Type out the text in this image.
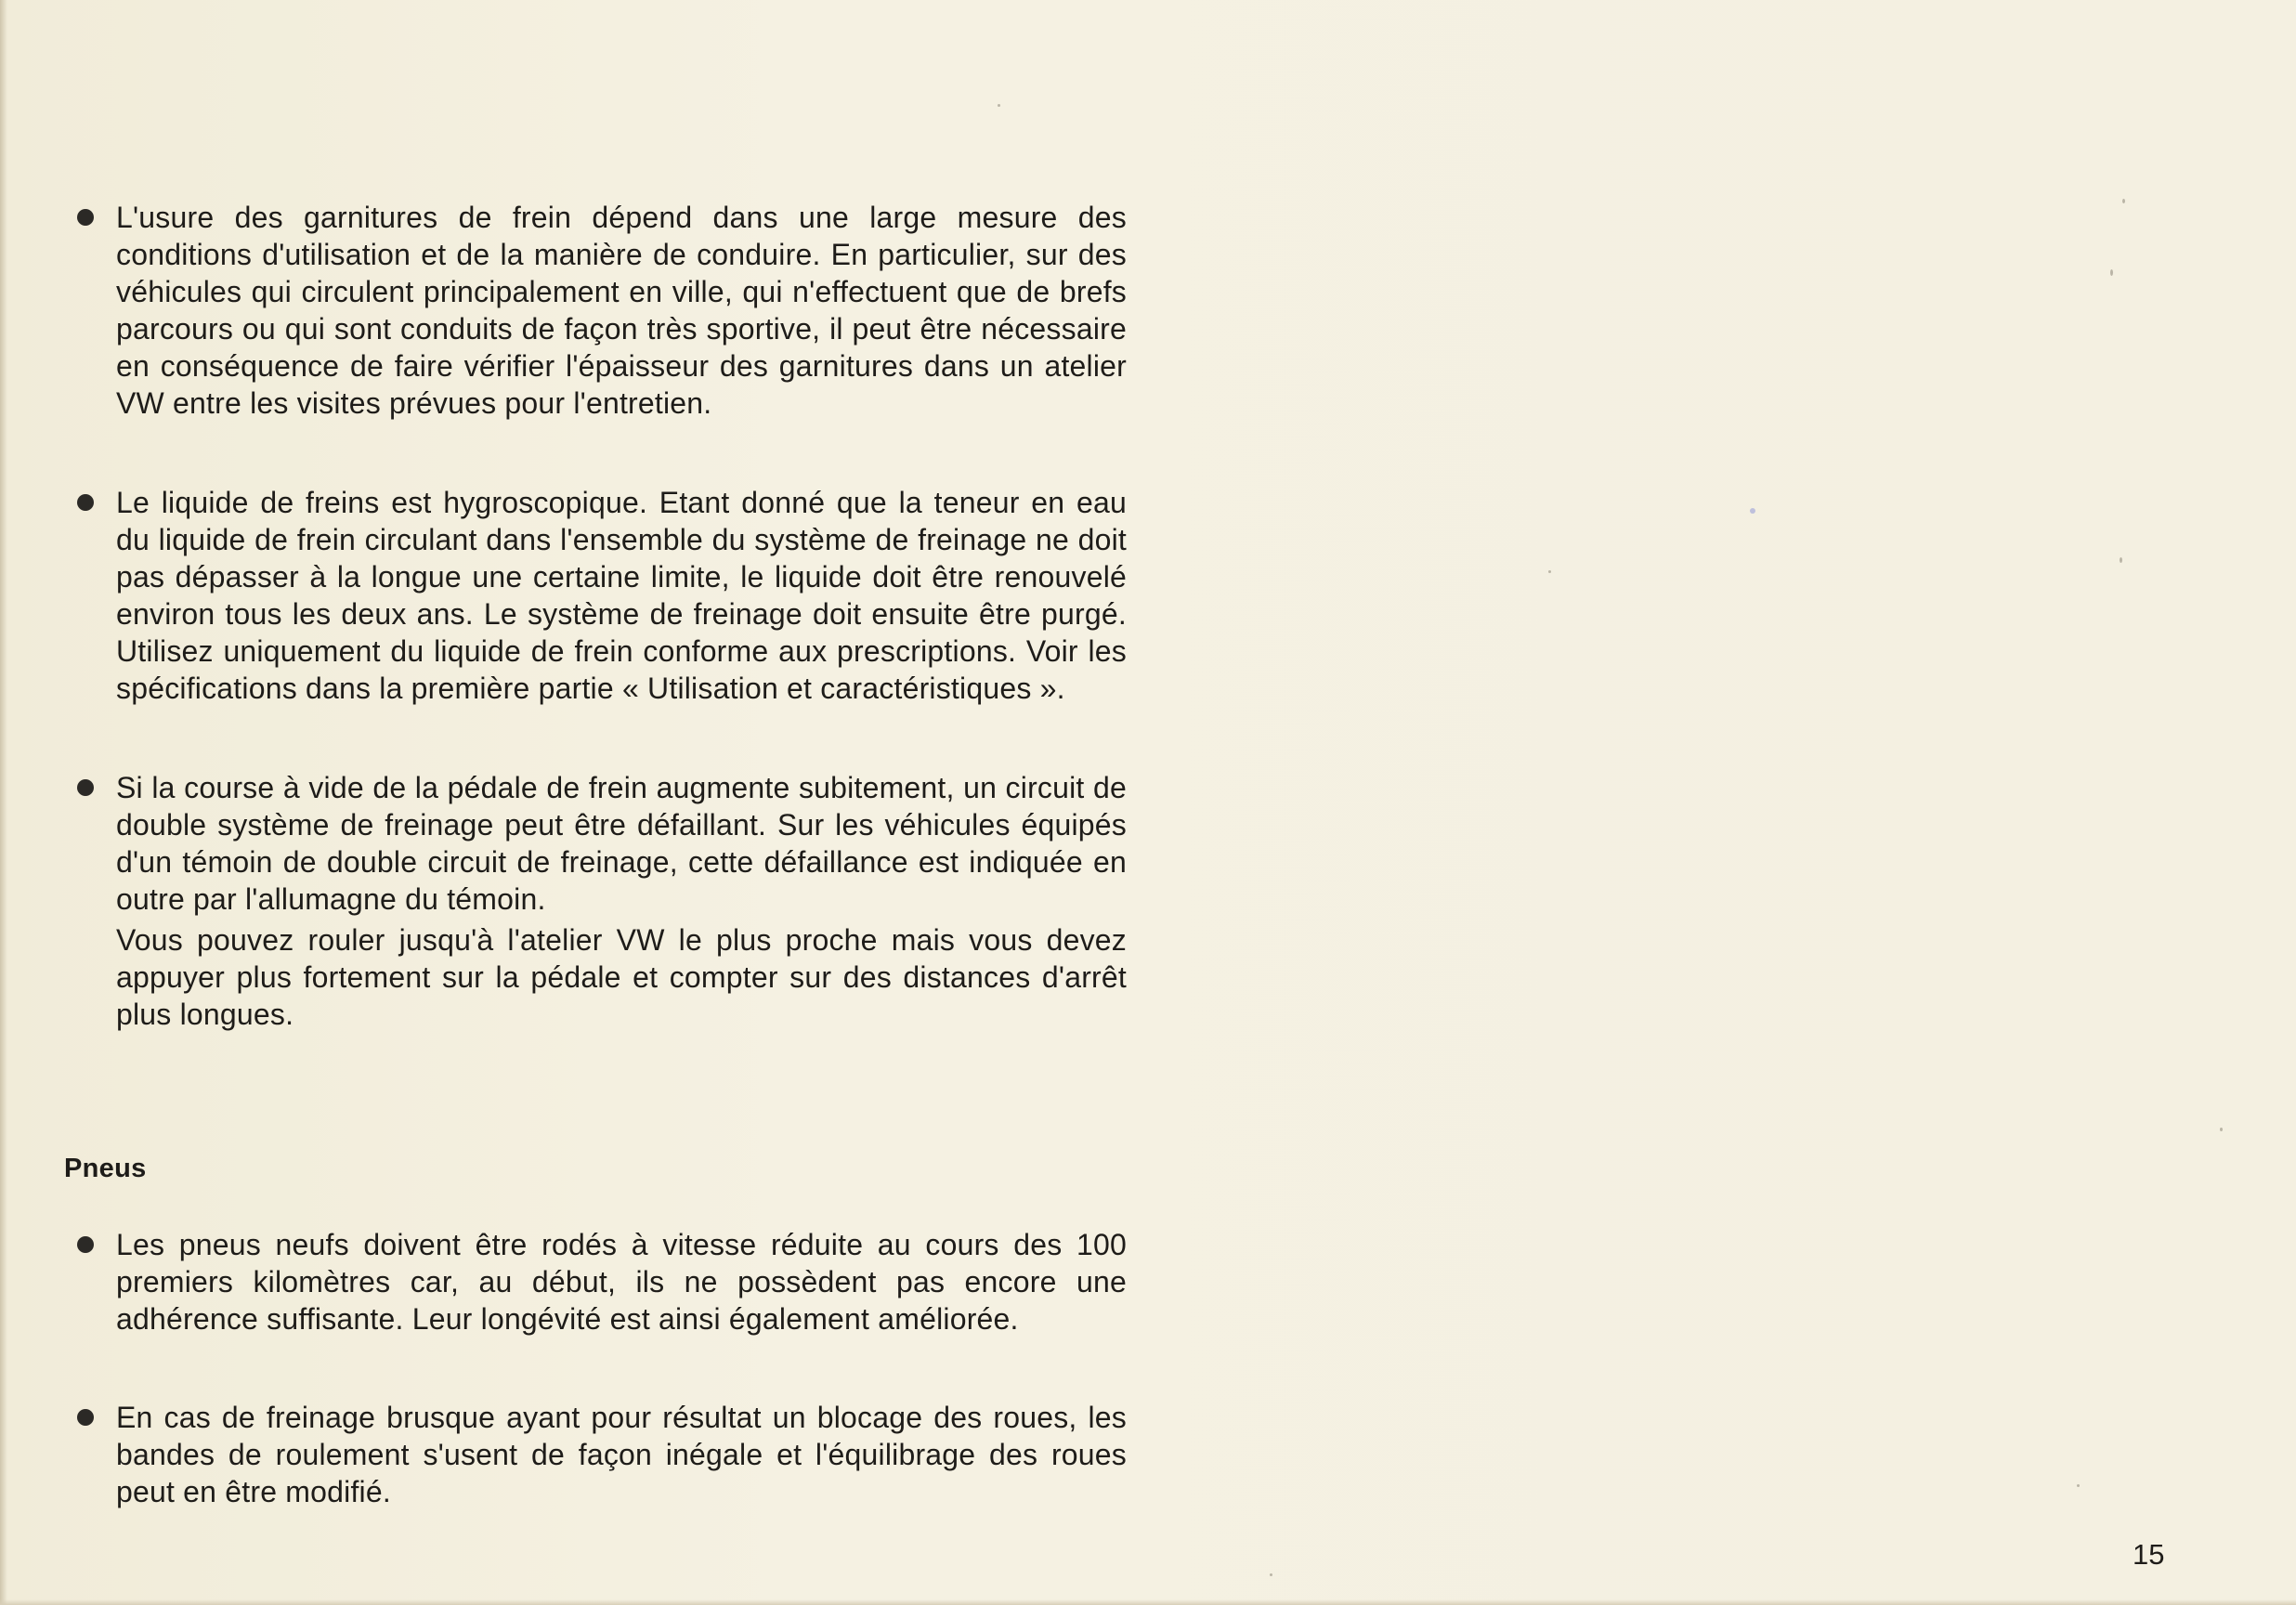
L'usure des garnitures de frein dépend dans une large mesure des conditions d'utilisation et de la manière de conduire. En particulier, sur des véhicules qui circulent principalement en ville, qui n'effectuent que de brefs parcours ou qui sont conduits de façon très sportive, il peut être nécessaire en conséquence de faire vérifier l'épaisseur des garnitures dans un atelier VW entre les visites prévues pour l'entretien.

Le liquide de freins est hygroscopique. Etant donné que la teneur en eau du liquide de frein circulant dans l'ensemble du système de freinage ne doit pas dépasser à la longue une certaine limite, le liquide doit être renouvelé environ tous les deux ans. Le système de freinage doit ensuite être purgé. Utilisez uniquement du liquide de frein conforme aux prescriptions. Voir les spécifications dans la première partie « Utilisation et caractéristiques ».

Si la course à vide de la pédale de frein augmente subitement, un circuit de double système de freinage peut être défaillant. Sur les véhicules équipés d'un témoin de double circuit de freinage, cette défaillance est indiquée en outre par l'allumagne du témoin.

Vous pouvez rouler jusqu'à l'atelier VW le plus proche mais vous devez appuyer plus fortement sur la pédale et compter sur des distances d'arrêt plus longues.

Pneus

Les pneus neufs doivent être rodés à vitesse réduite au cours des 100 premiers kilomètres car, au début, ils ne possèdent pas encore une adhérence suffisante. Leur longévité est ainsi également améliorée.

En cas de freinage brusque ayant pour résultat un blocage des roues, les bandes de roulement s'usent de façon inégale et l'équilibrage des roues peut en être modifié.

15
